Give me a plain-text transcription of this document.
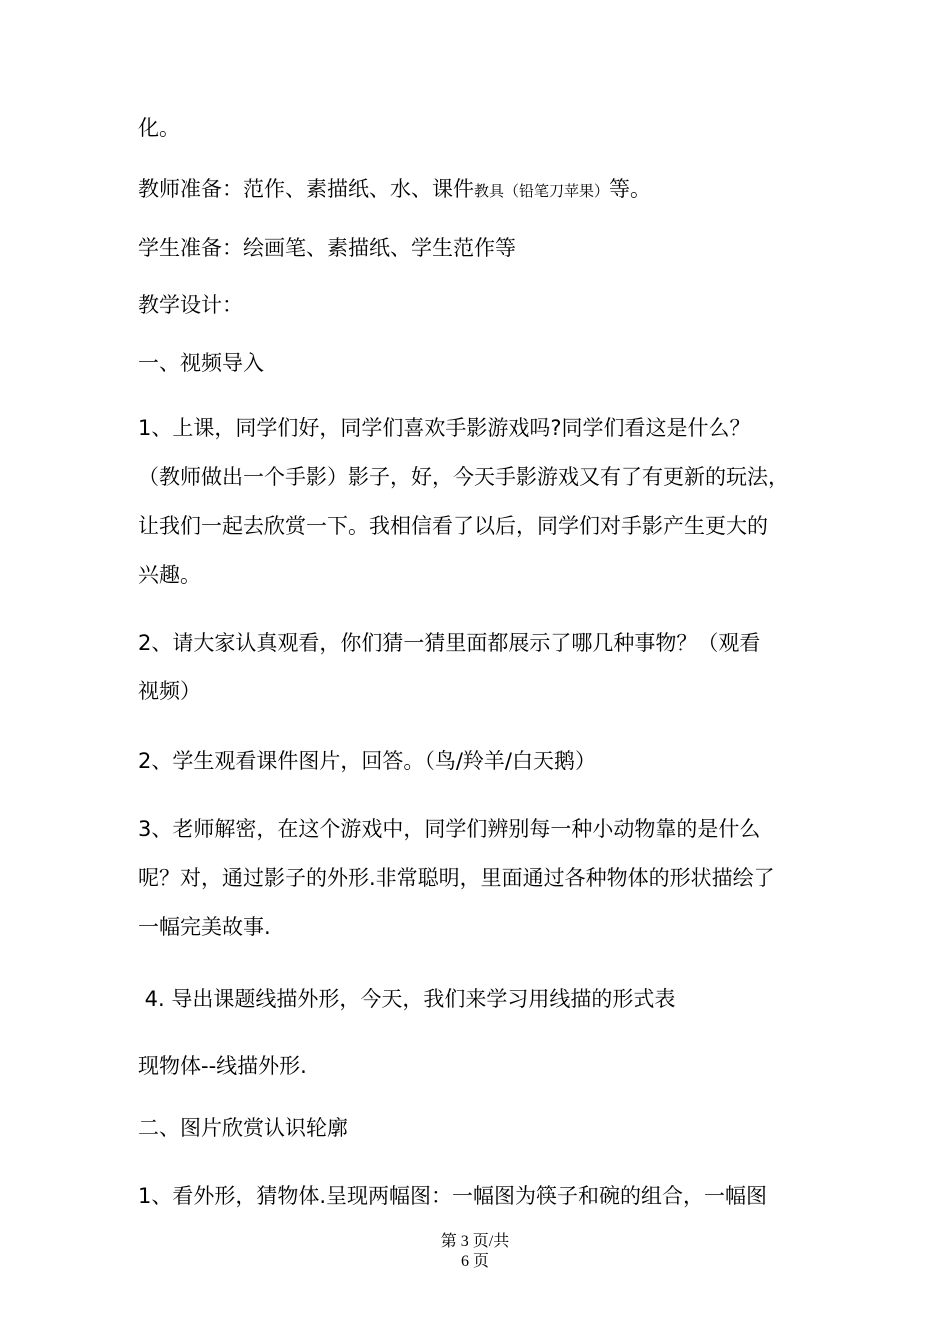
化。
教师准备：范作、素描纸、水、课件教具（铅笔刀苹果）等。
学生准备：绘画笔、素描纸、学生范作等
教学设计：
一、视频导入
1、上课，同学们好，同学们喜欢手影游戏吗?同学们看这是什么？
（教师做出一个手影）影子，好，今天手影游戏又有了有更新的玩法，
让我们一起去欣赏一下。我相信看了以后，同学们对手影产生更大的
兴趣。
2、请大家认真观看，你们猜一猜里面都展示了哪几种事物？（观看
视频）
2、学生观看课件图片，回答。（鸟/羚羊/白天鹅）
3、老师解密，在这个游戏中，同学们辨别每一种小动物靠的是什么
呢？对，通过影子的外形.非常聪明，里面通过各种物体的形状描绘了
一幅完美故事.
4. 导出课题线描外形，今天，我们来学习用线描的形式表
现物体--线描外形.
二、图片欣赏认识轮廓
1、看外形，猜物体.呈现两幅图：一幅图为筷子和碗的组合，一幅图
第 3 页/共
6 页
